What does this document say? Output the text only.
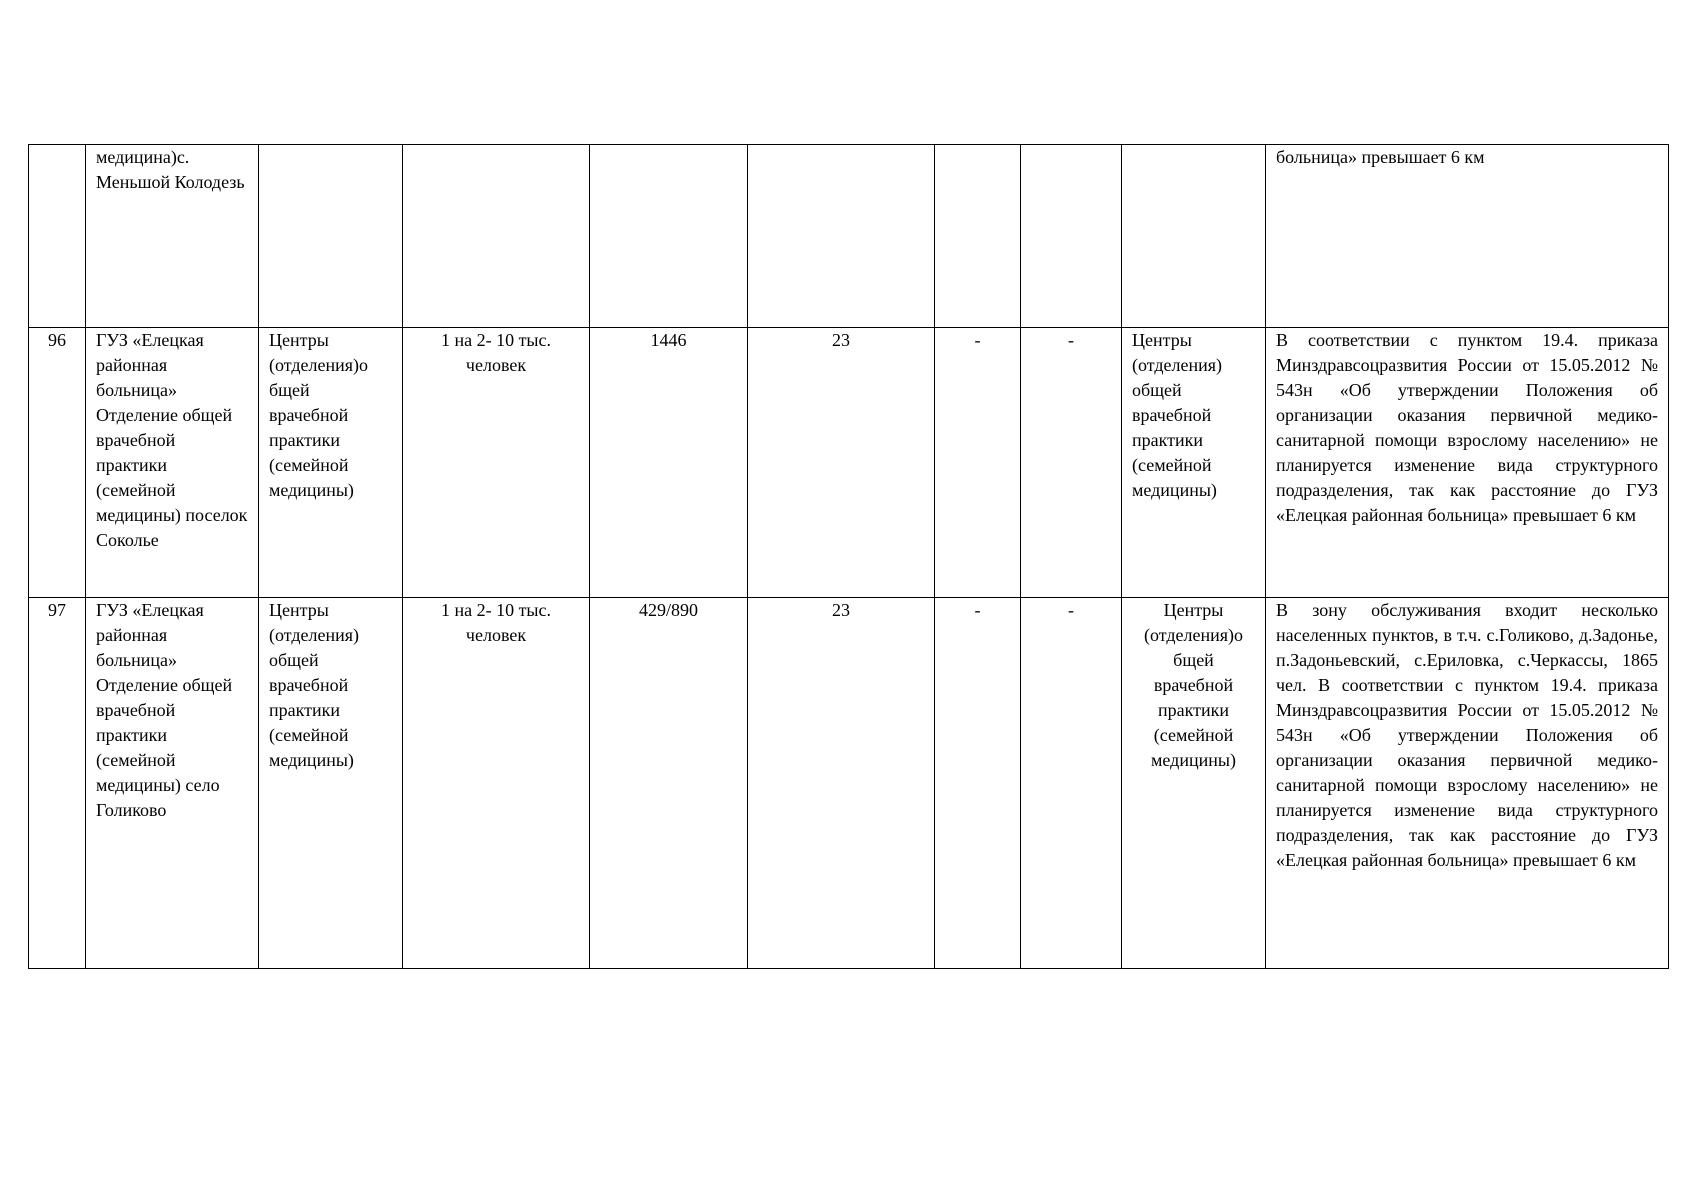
	медицина)с. Меньшой Колодезь								больница» превышает 6 км
96	ГУЗ «Елецкая районная больница» Отделение общей врачебной практики (семейной медицины) поселок Сокольe	Центры (отделения)о бщей врачебной практики (семейной медицины)	1 на 2- 10 тыс. человек	1446	23	-	-	Центры (отделения) общей врачебной практики (семейной медицины)	В соответствии с пунктом 19.4. приказа Минздравсоцразвития России от 15.05.2012 № 543н «Об утверждении Положения об организации оказания первичной медико-санитарной помощи взрослому населению» не планируется изменение вида структурного подразделения, так как расстояние до ГУЗ «Елецкая районная больница» превышает 6 км
97	ГУЗ «Елецкая районная больница» Отделение общей врачебной практики (семейной медицины) село Голиково	Центры (отделения) общей врачебной практики (семейной медицины)	1 на 2- 10 тыс. человек	429/890	23	-	-	Центры (отделения)о бщей врачебной практики (семейной медицины)	В зону обслуживания входит несколько населенных пунктов, в т.ч. с.Голиково, д.Задонье, п.Задоньевский, с.Ериловка, с.Черкассы, 1865 чел. В соответствии с пунктом 19.4. приказа Минздравсоцразвития России от 15.05.2012 № 543н «Об утверждении Положения об организации оказания первичной медико-санитарной помощи взрослому населению» не планируется изменение вида структурного подразделения, так как расстояние до ГУЗ «Елецкая районная больница» превышает 6 км
